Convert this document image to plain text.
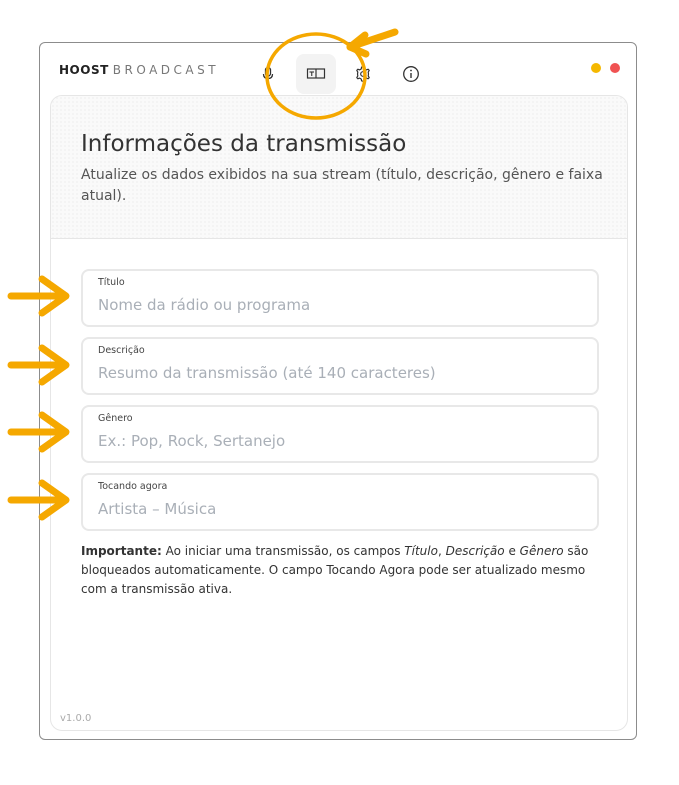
HOOST BROADCAST
Informações da transmissão
Atualize os dados exibidos na sua stream (título, descrição, gênero e faixa atual).
Título
Nome da rádio ou programa
Descrição
Resumo da transmissão (até 140 caracteres)
Gênero
Ex.: Pop, Rock, Sertanejo
Tocando agora
Artista – Música
Importante: Ao iniciar uma transmissão, os campos Título, Descrição e Gênero são bloqueados automaticamente. O campo Tocando Agora pode ser atualizado mesmo com a transmissão ativa.
v1.0.0
